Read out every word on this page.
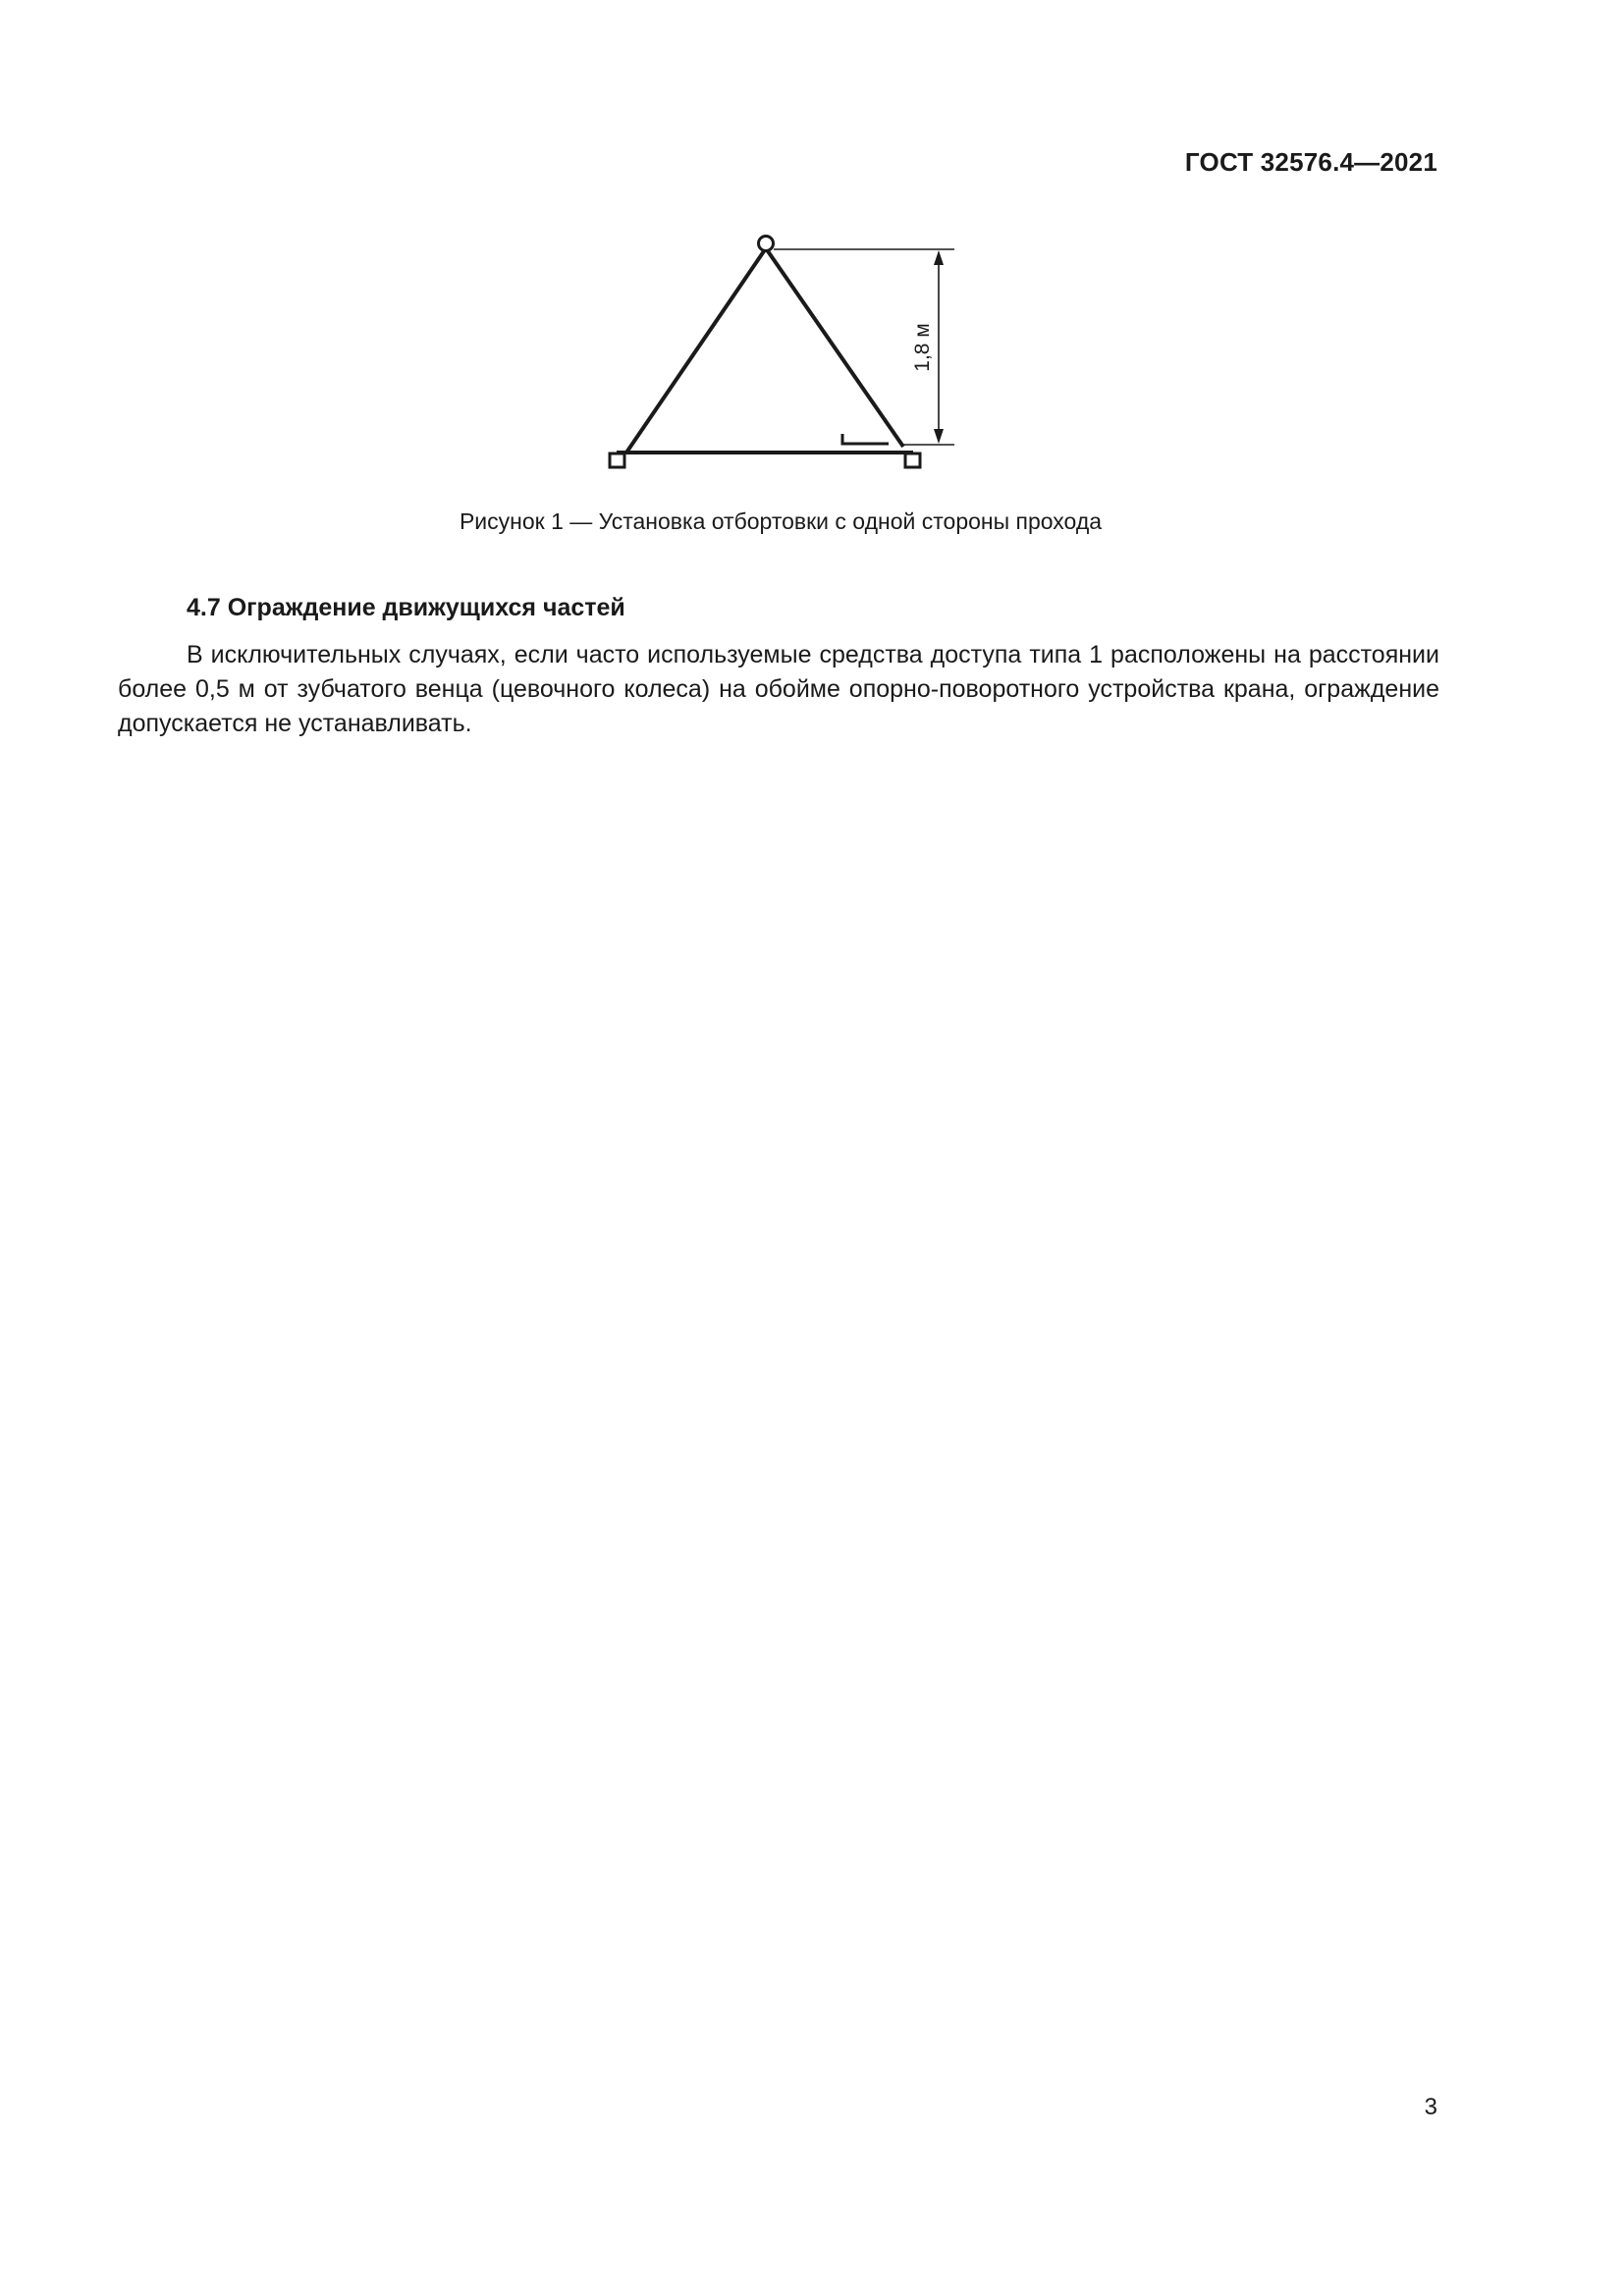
ГОСТ 32576.4—2021
1,8 м
Рисунок 1 — Установка отбортовки с одной стороны прохода
4.7 Ограждение движущихся частей
В исключительных случаях, если часто используемые средства доступа типа 1 расположены на расстоянии более 0,5 м от зубчатого венца (цевочного колеса) на обойме опорно-поворотного устройства крана, ограждение допускается не устанавливать.
3
